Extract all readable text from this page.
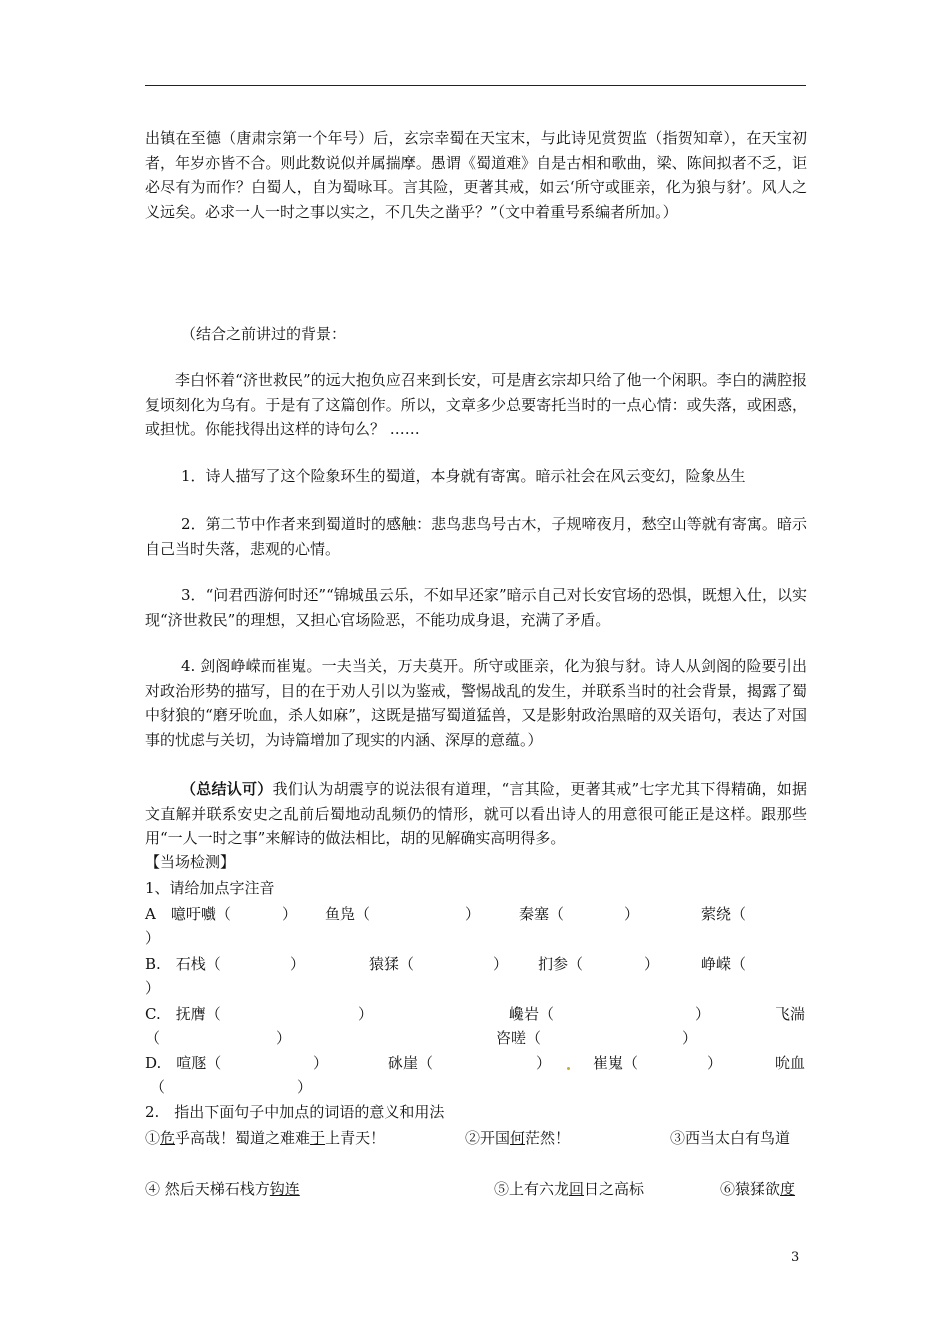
出镇在至德（唐肃宗第一个年号）后，玄宗幸蜀在天宝末，与此诗见赏贺监（指贺知章），在天宝初者，年岁亦皆不合。则此数说似并属揣摩。愚谓《蜀道难》自是古相和歌曲，梁、陈间拟者不乏，讵必尽有为而作？白蜀人，自为蜀咏耳。言其险，更著其戒，如云‘所守或匪亲，化为狼与豺’。风人之义远矣。必求一人一时之事以实之，不几失之凿乎？”（文中着重号系编者所加。）

（结合之前讲过的背景：

李白怀着“济世救民”的远大抱负应召来到长安，可是唐玄宗却只给了他一个闲职。李白的满腔报复顷刻化为乌有。于是有了这篇创作。所以，文章多少总要寄托当时的一点心情：或失落，或困惑，或担忧。你能找得出这样的诗句么？ ……

1．诗人描写了这个险象环生的蜀道，本身就有寄寓。暗示社会在风云变幻，险象丛生

2．第二节中作者来到蜀道时的感触：悲鸟悲鸟号古木，子规啼夜月，愁空山等就有寄寓。暗示自己当时失落，悲观的心情。

3．“问君西游何时还”“锦城虽云乐，不如早还家”暗示自己对长安官场的恐惧，既想入仕，以实现“济世救民”的理想，又担心官场险恶，不能功成身退，充满了矛盾。

4. 剑阁峥嵘而崔嵬。一夫当关，万夫莫开。所守或匪亲，化为狼与豺。诗人从剑阁的险要引出对政治形势的描写，目的在于劝人引以为鉴戒，警惕战乱的发生，并联系当时的社会背景，揭露了蜀中豺狼的“磨牙吮血，杀人如麻”，这既是描写蜀道猛兽，又是影射政治黑暗的双关语句，表达了对国事的忧虑与关切，为诗篇增加了现实的内涵、深厚的意蕴。）

（总结认可）我们认为胡震亨的说法很有道理，“言其险，更著其戒”七字尤其下得精确，如据文直解并联系安史之乱前后蜀地动乱频仍的情形，就可以看出诗人的用意很可能正是这样。跟那些用“一人一时之事”来解诗的做法相比，胡的见解确实高明得多。

【当场检测】
1、请给加点字注音
A　噫吁嚱（	） 鱼凫（	）	秦塞（	）	萦绕（
）
B.　石栈（	）	猿猱（	） 扪参（	）	峥嵘（
）
C.　抚膺（	）	巉岩（	）	飞湍
（	）	咨嗟（	）
D.　喧豗（	）	砯崖（	）	崔嵬（	）	吮血
（	）
2.　指出下面句子中加点的词语的意义和用法
①危乎高哉！蜀道之难难于上青天！	②开国何茫然！	③西当太白有鸟道
④ 然后天梯石栈方钩连	⑤上有六龙回日之高标	⑥猿猱欲度
3
